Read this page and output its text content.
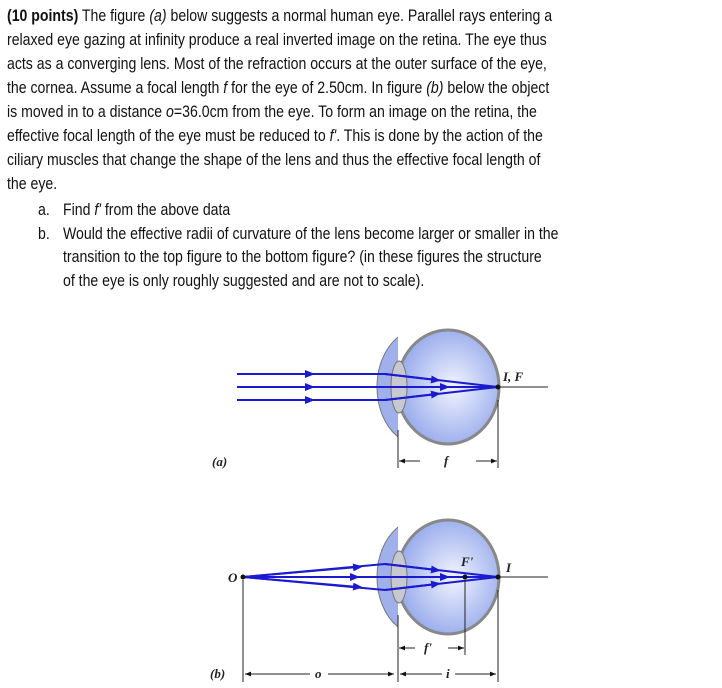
(10 points) The figure (a) below suggests a normal human eye. Parallel rays entering a
relaxed eye gazing at infinity produce a real inverted image on the retina. The eye thus
acts as a converging lens. Most of the refraction occurs at the outer surface of the eye,
the cornea. Assume a focal length f for the eye of 2.50cm. In figure (b) below the object
is moved in to a distance o=36.0cm from the eye. To form an image on the retina, the
effective focal length of the eye must be reduced to f'. This is done by the action of the
ciliary muscles that change the shape of the lens and thus the effective focal length of
the eye.
a. Find f' from the above data
b. Would the effective radii of curvature of the lens become larger or smaller in the
transition to the top figure to the bottom figure? (in these figures the structure
of the eye is only roughly suggested and are not to scale).
I, F
f
(a)
O
F'	I
f'
o	i
(b)
